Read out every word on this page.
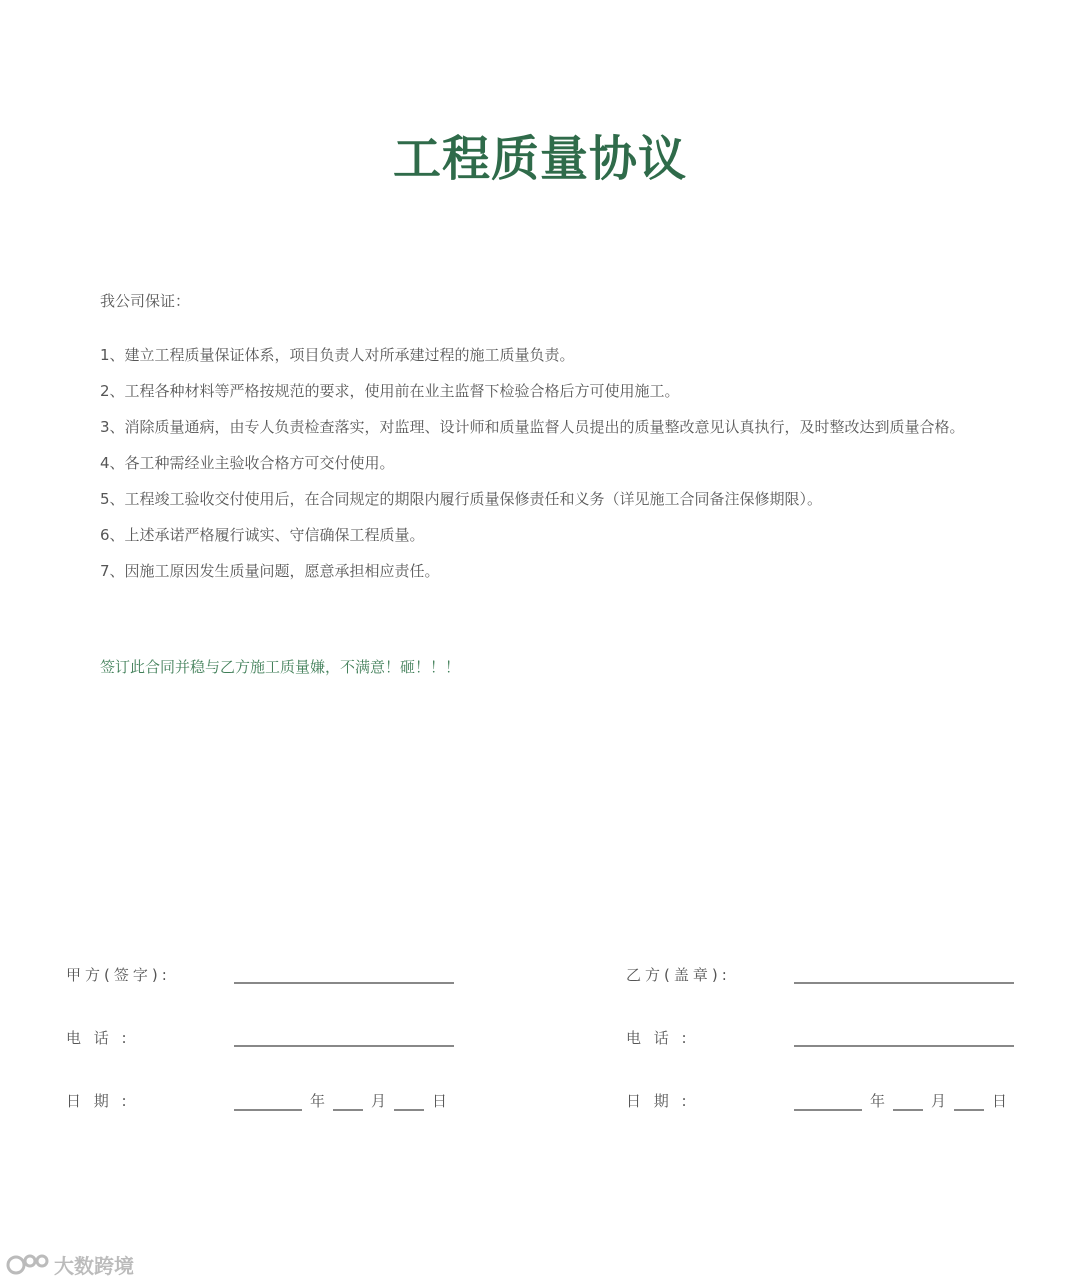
工程质量协议
我公司保证：
1、建立工程质量保证体系，项目负责人对所承建过程的施工质量负责。
2、工程各种材料等严格按规范的要求，使用前在业主监督下检验合格后方可使用施工。
3、消除质量通病，由专人负责检查落实，对监理、设计师和质量监督人员提出的质量整改意见认真执行，及时整改达到质量合格。
4、各工种需经业主验收合格方可交付使用。
5、工程竣工验收交付使用后，在合同规定的期限内履行质量保修责任和义务（详见施工合同备注保修期限）。
6、上述承诺严格履行诚实、守信确保工程质量。
7、因施工原因发生质量问题，愿意承担相应责任。
签订此合同并稳与乙方施工质量嫌，不满意！砸！！！
甲方(签字):
电 话 :
日 期 :	年	月	日
乙方(盖章):
电 话 :
日 期 :	年	月	日
大数跨境
